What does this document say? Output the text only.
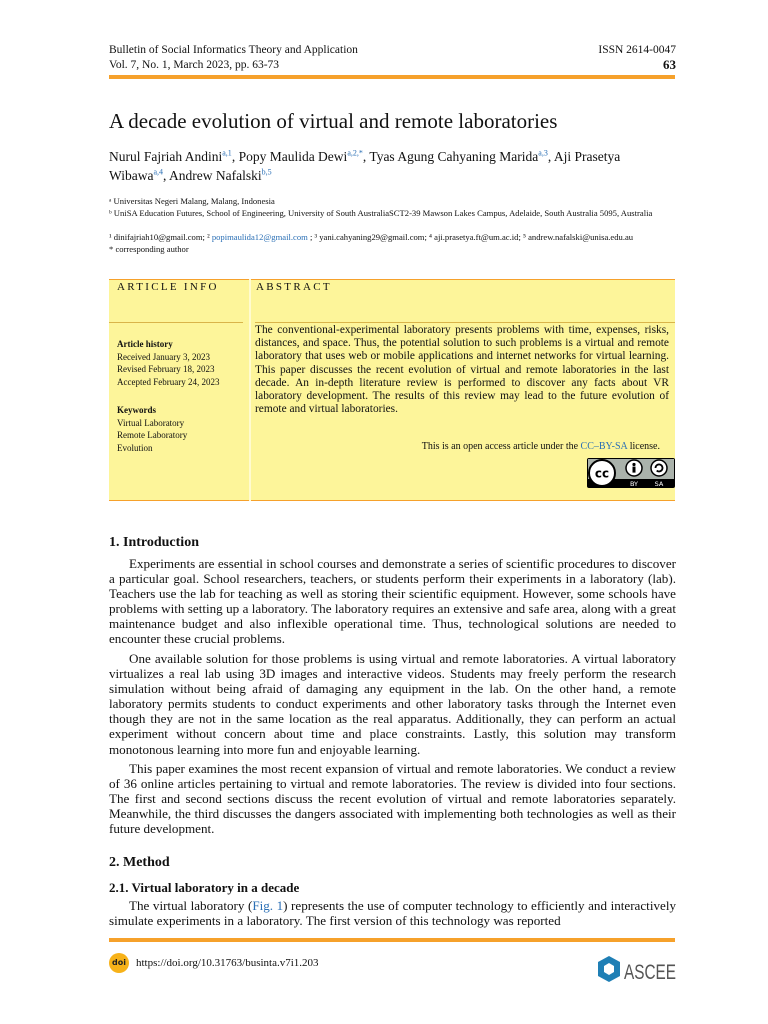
Bulletin of Social Informatics Theory and Application
Vol. 7, No. 1, March 2023, pp. 63-73
ISSN 2614-0047
63
A decade evolution of virtual and remote laboratories
Nurul Fajriah Andini$^{a,1}$, Popy Maulida Dewi$^{a,2,*}$, Tyas Agung Cahyaning Marida$^{a,3}$, Aji Prasetya Wibawa$^{a,4}$, Andrew Nafalski$^{b,5}$
ᵃ Universitas Negeri Malang, Malang, Indonesia
ᵇ UniSA Education Futures, School of Engineering, University of South AustraliaSCT2-39 Mawson Lakes Campus, Adelaide, South Australia 5095, Australia
¹ dinifajriah10@gmail.com; ² popimaulida12@gmail.com ; ³ yani.cahyaning29@gmail.com; ⁴ aji.prasetya.ft@um.ac.id; ⁵ andrew.nafalski@unisa.edu.au
* corresponding author
ARTICLE INFO	ABSTRACT
Article history
Received January 3, 2023
Revised February 18, 2023
Accepted February 24, 2023
Keywords
Virtual Laboratory
Remote Laboratory
Evolution
The conventional-experimental laboratory presents problems with time, expenses, risks, distances, and space. Thus, the potential solution to such problems is a virtual and remote laboratory that uses web or mobile applications and internet networks for virtual learning. This paper discusses the recent evolution of virtual and remote laboratories in the last decade. An in-depth literature review is performed to discover any facts about VR laboratory development. The results of this review may lead to the future evolution of remote and virtual laboratories.
This is an open access article under the CC–BY-SA license.
cc
BY	SA
1. Introduction

Experiments are essential in school courses and demonstrate a series of scientific procedures to discover a particular goal. School researchers, teachers, or students perform their experiments in a laboratory (lab). Teachers use the lab for teaching as well as storing their scientific equipment. However, some schools have problems with setting up a laboratory. The laboratory requires an extensive and safe area, along with a great maintenance budget and also inflexible operational time. Thus, technological solutions are needed to encounter these crucial problems.

One available solution for those problems is using virtual and remote laboratories. A virtual laboratory virtualizes a real lab using 3D images and interactive videos. Students may freely perform the research simulation without being afraid of damaging any equipment in the lab. On the other hand, a remote laboratory permits students to conduct experiments and other laboratory tasks through the Internet even though they are not in the same location as the real apparatus. Additionally, they can perform an actual experiment without concern about time and place constraints. Lastly, this solution may transform monotonous learning into more fun and enjoyable learning.

This paper examines the most recent expansion of virtual and remote laboratories. We conduct a review of 36 online articles pertaining to virtual and remote laboratories. The review is divided into four sections. The first and second sections discuss the recent evolution of virtual and remote laboratories separately. Meanwhile, the third discusses the dangers associated with implementing both technologies as well as their future development.

2. Method
2.1. Virtual laboratory in a decade

The virtual laboratory (Fig. 1) represents the use of computer technology to efficiently and interactively simulate experiments in a laboratory. The first version of this technology was reported

doi https://doi.org/10.31763/businta.v7i1.203	ASCEE
